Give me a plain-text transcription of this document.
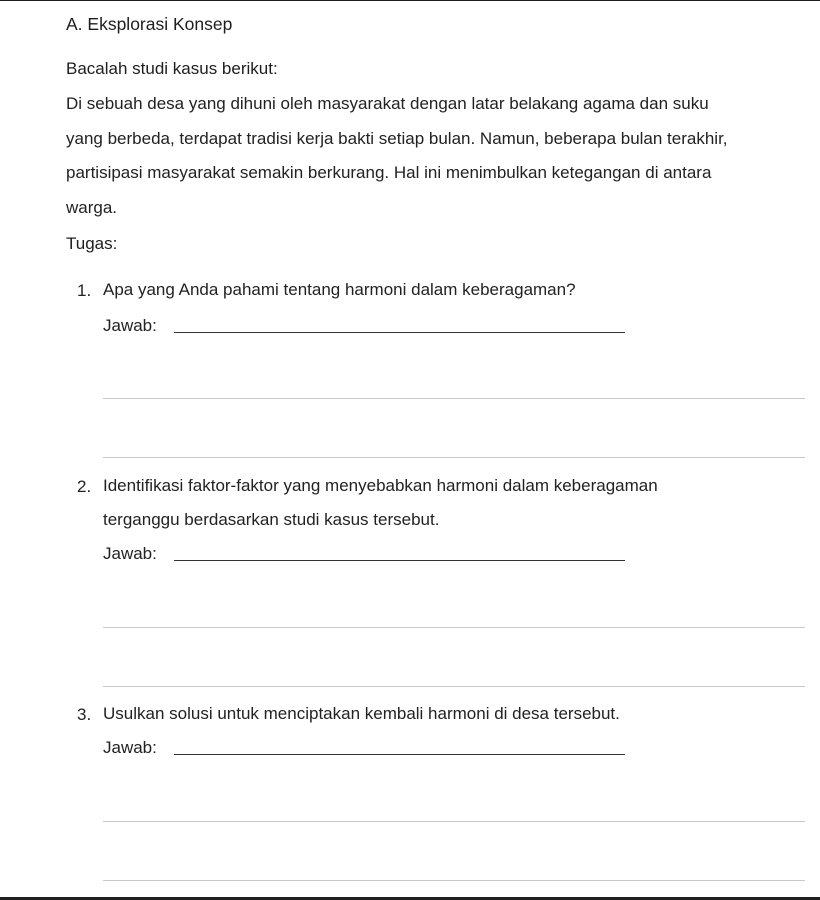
A. Eksplorasi Konsep
Bacalah studi kasus berikut:
Di sebuah desa yang dihuni oleh masyarakat dengan latar belakang agama dan suku
yang berbeda, terdapat tradisi kerja bakti setiap bulan. Namun, beberapa bulan terakhir,
partisipasi masyarakat semakin berkurang. Hal ini menimbulkan ketegangan di antara
warga.
Tugas:
1. Apa yang Anda pahami tentang harmoni dalam keberagaman?
Jawab:
2. Identifikasi faktor-faktor yang menyebabkan harmoni dalam keberagaman
terganggu berdasarkan studi kasus tersebut.
Jawab:
3. Usulkan solusi untuk menciptakan kembali harmoni di desa tersebut.
Jawab:
